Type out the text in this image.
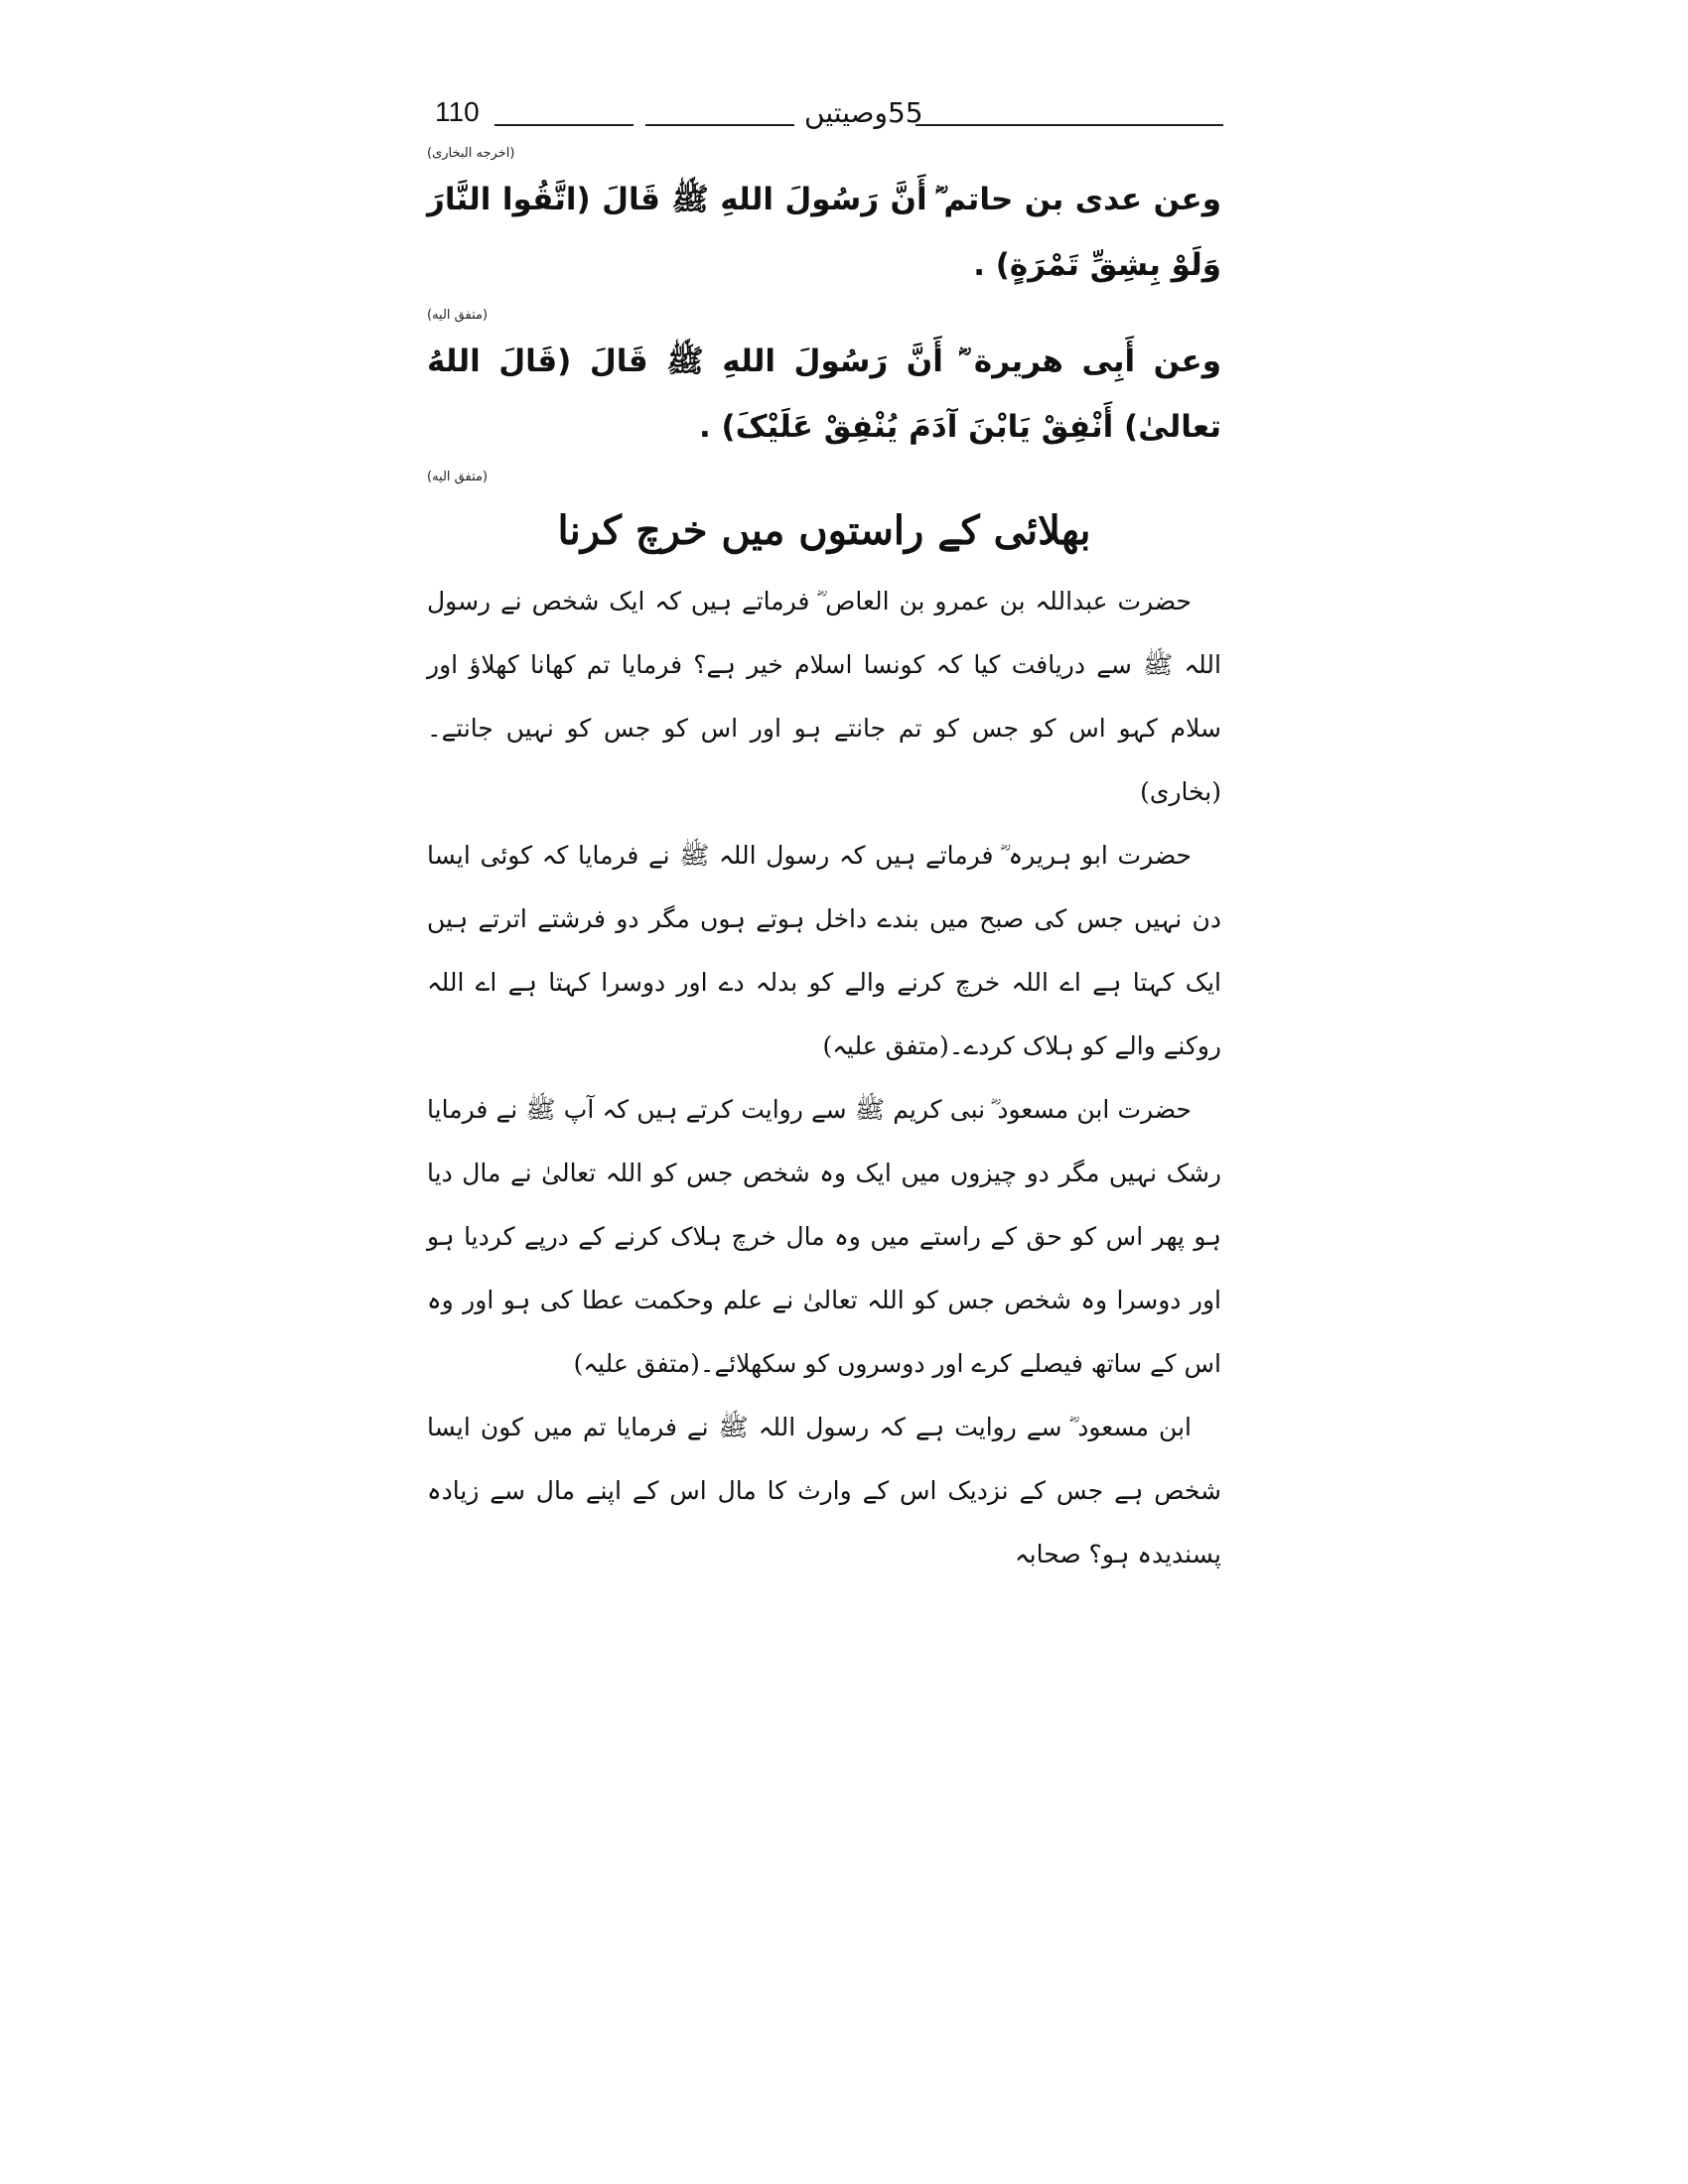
110	55وصیتیں
(اخرجه البخاری)

وعن عدی بن حاتم ؓ أَنَّ رَسُولَ اللهِ ﷺ قَالَ (اتَّقُوا النَّارَ وَلَوْ بِشِقِّ تَمْرَةٍ) .

(متفق الیه)

وعن أَبِی هریرة ؓ أَنَّ رَسُولَ اللهِ ﷺ قَالَ (قَالَ اللهُ تعالیٰ) أَنْفِقْ یَابْنَ آدَمَ یُنْفِقْ عَلَیْکَ) .

(متفق الیه)
بھلائی کے راستوں میں خرچ کرنا

حضرت عبداللہ بن عمرو بن العاص ؓ فرماتے ہیں کہ ایک شخص نے رسول اللہ ﷺ سے دریافت کیا کہ کونسا اسلام خیر ہے؟ فرمایا تم کھانا کھلاؤ اور سلام کہو اس کو جس کو تم جانتے ہو اور اس کو جس کو نہیں جانتے۔(بخاری)

حضرت ابو ہریرہ ؓ فرماتے ہیں کہ رسول اللہ ﷺ نے فرمایا کہ کوئی ایسا دن نہیں جس کی صبح میں بندے داخل ہوتے ہوں مگر دو فرشتے اترتے ہیں ایک کہتا ہے اے اللہ خرچ کرنے والے کو بدلہ دے اور دوسرا کہتا ہے اے اللہ روکنے والے کو ہلاک کردے۔(متفق علیہ)

حضرت ابن مسعود ؓ نبی کریم ﷺ سے روایت کرتے ہیں کہ آپ ﷺ نے فرمایا رشک نہیں مگر دو چیزوں میں ایک وہ شخص جس کو اللہ تعالیٰ نے مال دیا ہو پھر اس کو حق کے راستے میں وہ مال خرچ ہلاک کرنے کے درپے کردیا ہو اور دوسرا وہ شخص جس کو اللہ تعالیٰ نے علم وحکمت عطا کی ہو اور وہ اس کے ساتھ فیصلے کرے اور دوسروں کو سکھلائے۔(متفق علیہ)

ابن مسعود ؓ سے روایت ہے کہ رسول اللہ ﷺ نے فرمایا تم میں کون ایسا شخص ہے جس کے نزدیک اس کے وارث کا مال اس کے اپنے مال سے زیادہ پسندیدہ ہو؟ صحابہ
